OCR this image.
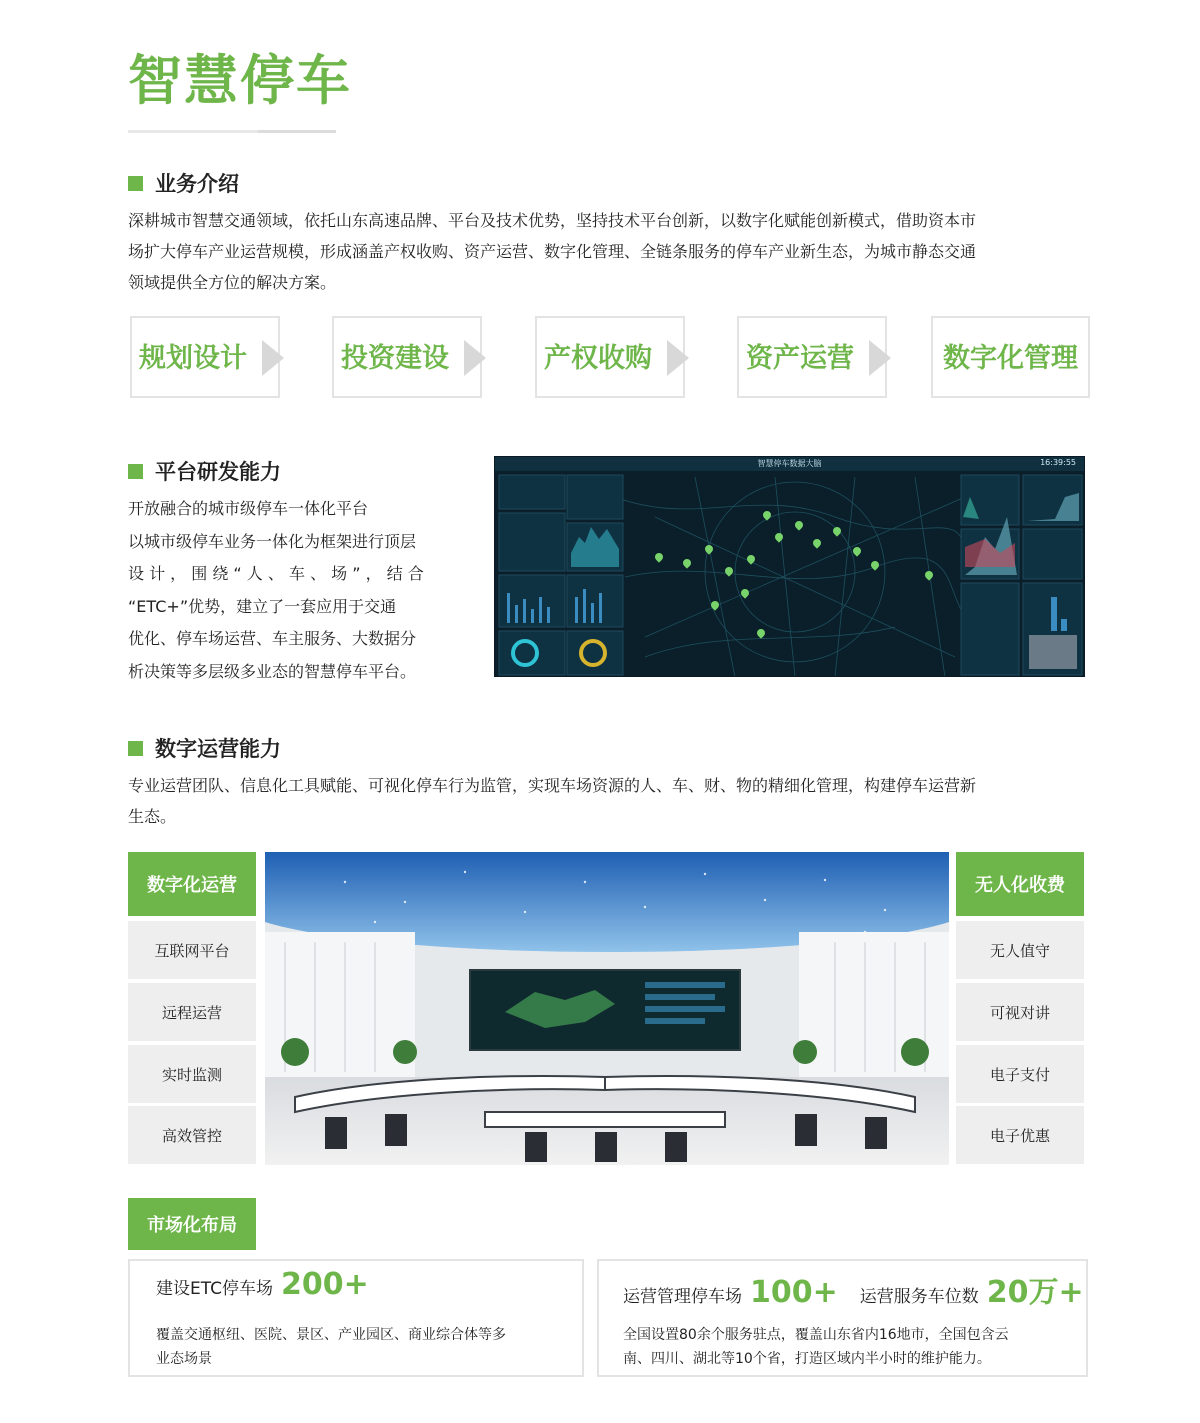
智慧停车
业务介绍
深耕城市智慧交通领域，依托山东高速品牌、平台及技术优势，坚持技术平台创新，以数字化赋能创新模式，借助资本市
场扩大停车产业运营规模，形成涵盖产权收购、资产运营、数字化管理、全链条服务的停车产业新生态，为城市静态交通
领域提供全方位的解决方案。
规划设计	投资建设	产权收购	资产运营	数字化管理
平台研发能力
开放融合的城市级停车一体化平台
以城市级停车业务一体化为框架进行顶层
设 计 ， 围 绕 “ 人 、 车 、 场 ” ， 结 合
“ETC+”优势，建立了一套应用于交通
优化、停车场运营、车主服务、大数据分
析决策等多层级多业态的智慧停车平台。
智慧停车数据大脑	16:39:55
数字运营能力
专业运营团队、信息化工具赋能、可视化停车行为监管，实现车场资源的人、车、财、物的精细化管理，构建停车运营新
生态。
数字化运营
互联网平台
远程运营
实时监测
高效管控
无人化收费
无人值守
可视对讲
电子支付
电子优惠
市场化布局
建设ETC停车场 200+
覆盖交通枢纽、医院、景区、产业园区、商业综合体等多
业态场景
运营管理停车场 100+ 运营服务车位数 20万+
全国设置80余个服务驻点，覆盖山东省内16地市，全国包含云
南、四川、湖北等10个省，打造区域内半小时的维护能力。
